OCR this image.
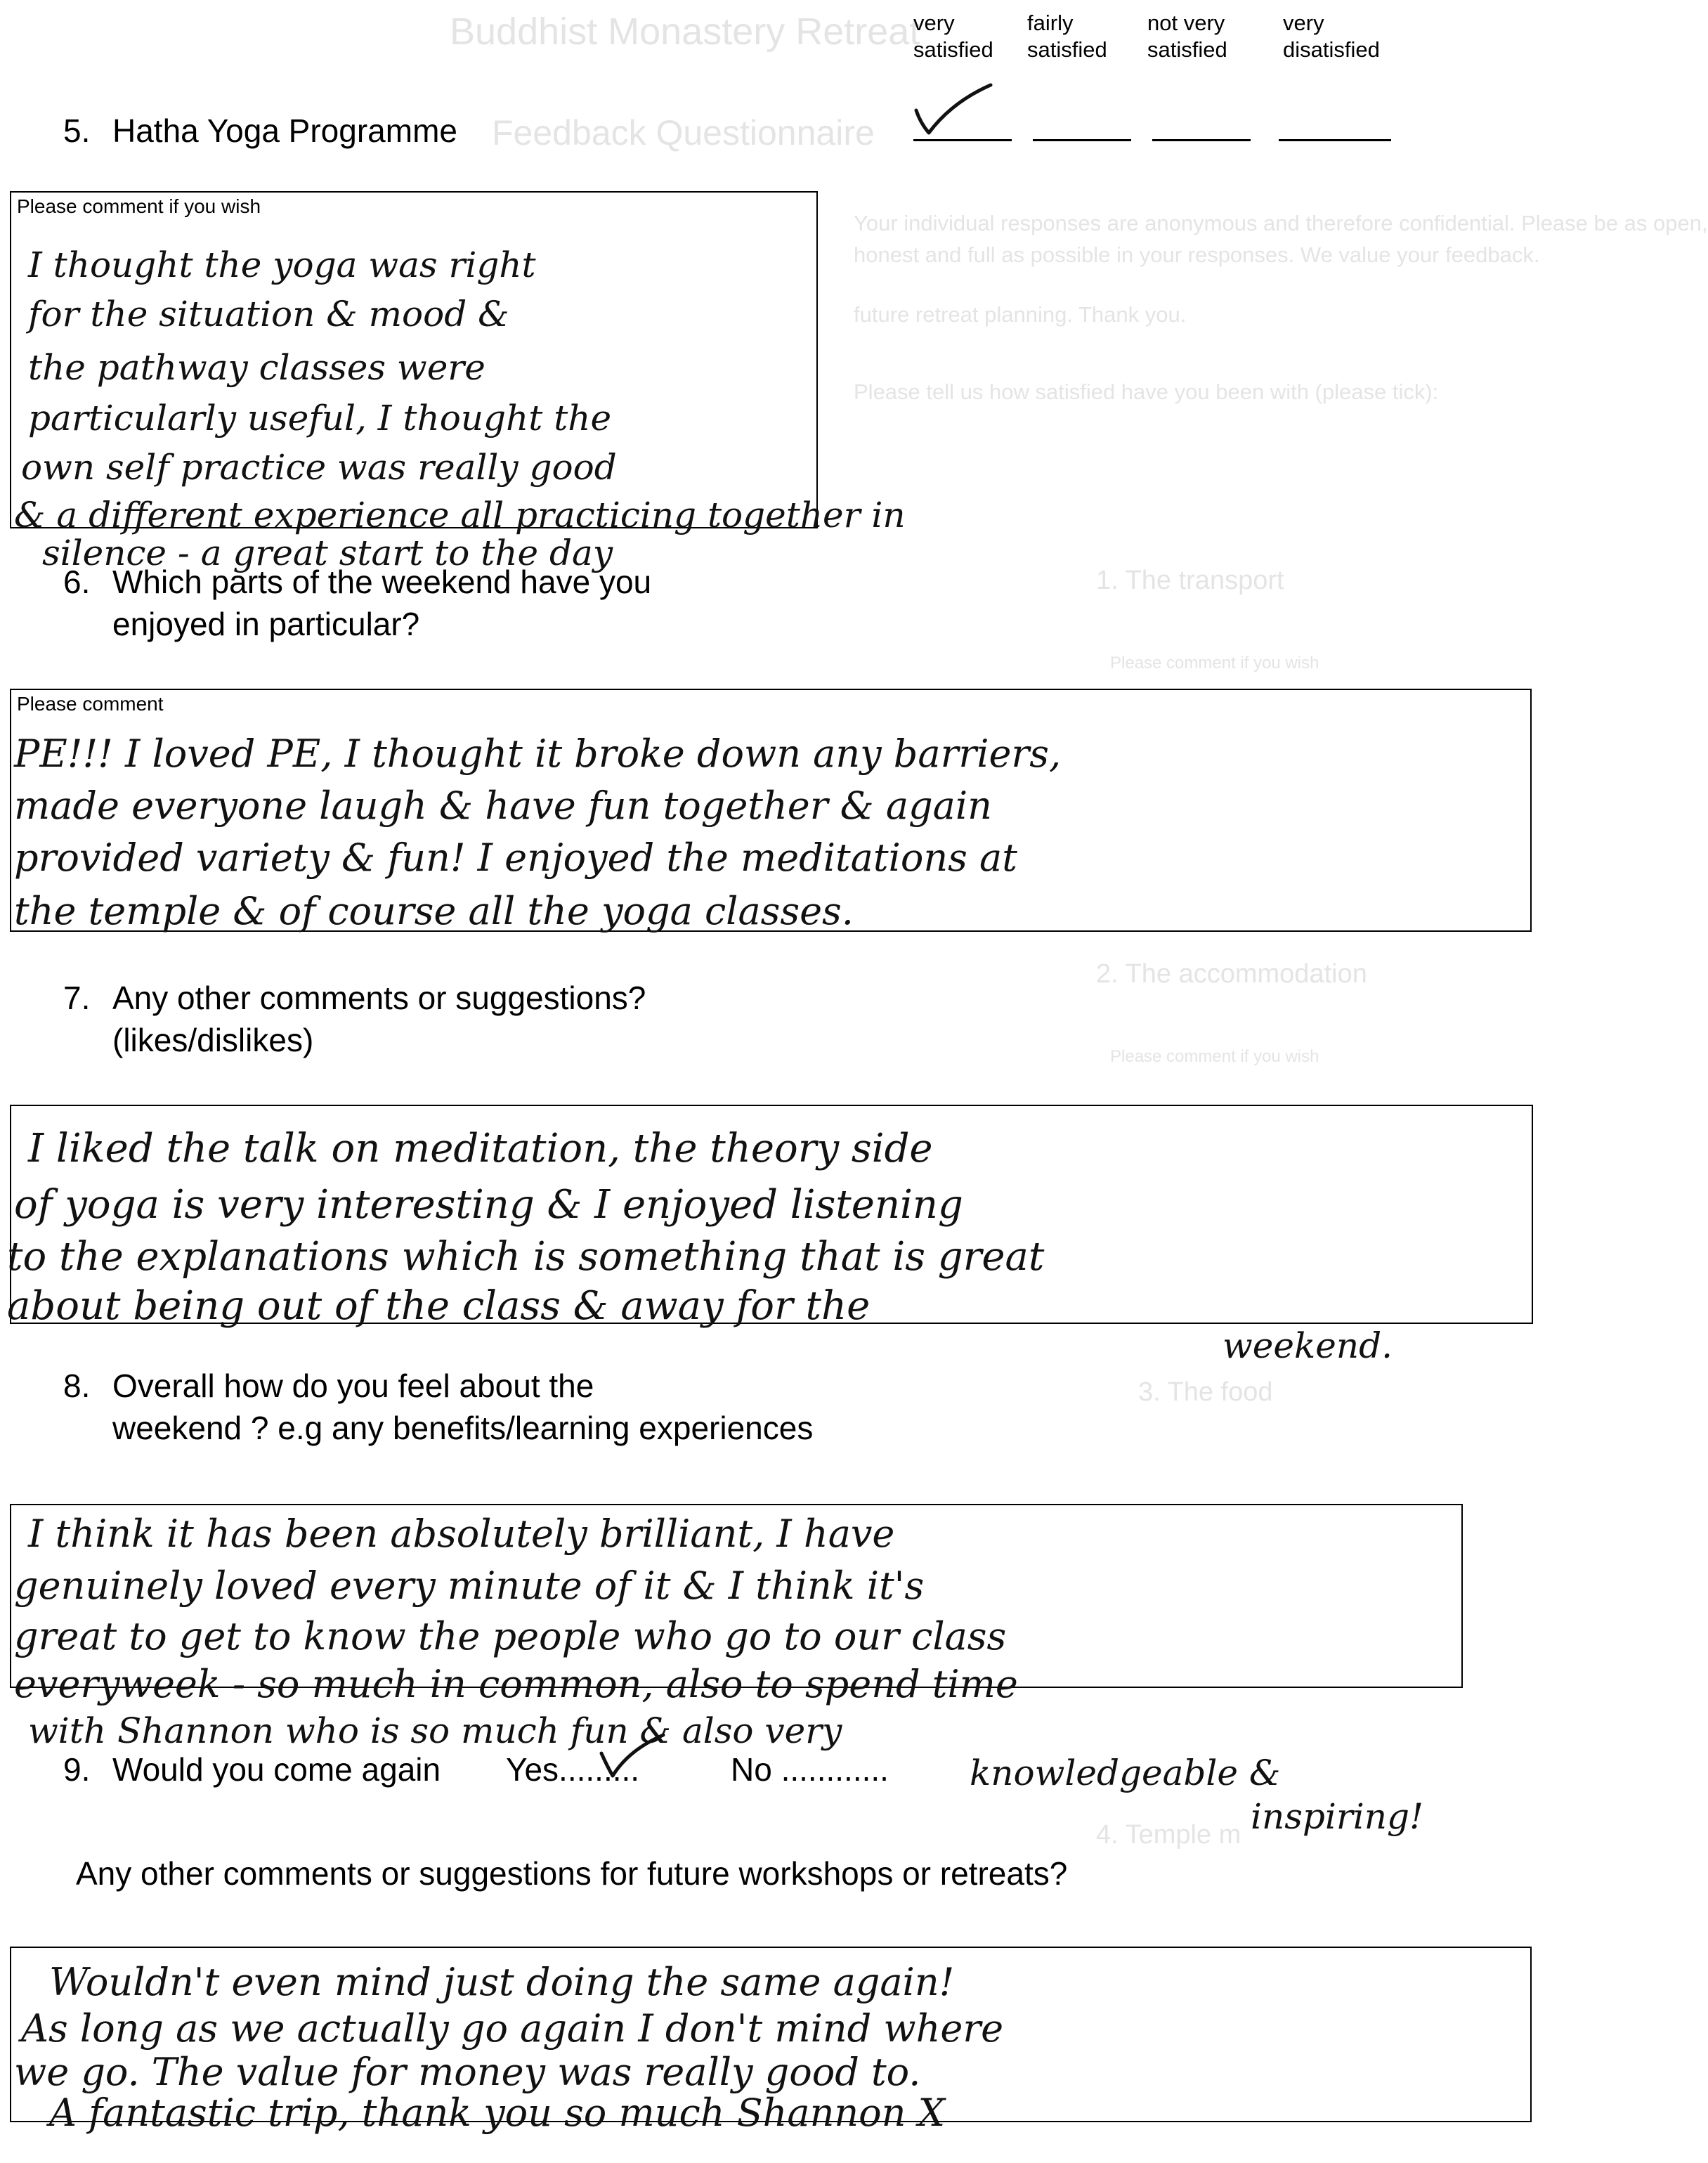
Buddhist Monastery Retreat
Feedback Questionnaire
Your individual responses are anonymous and therefore confidential. Please be as open,
honest and full as possible in your responses. We value your feedback.
future retreat planning. Thank you.
Please tell us how satisfied have you been with (please tick):
1. The transport
Please comment if you wish
2. The accommodation
Please comment if you wish
3. The food
4. Temple m
very
satisfied
fairly
satisfied
not very
satisfied
very
disatisfied
5. Hatha Yoga Programme
Please comment if you wish
I thought the yoga was right
for the situation & mood &
the pathway classes were
particularly useful, I thought the
own self practice was really good
& a different experience all practicing together in
silence - a great start to the day
6. Which parts of the weekend have you
enjoyed in particular?
Please comment
PE!!! I loved PE, I thought it broke down any barriers,
made everyone laugh & have fun together & again
provided variety & fun! I enjoyed the meditations at
the temple & of course all the yoga classes.
7. Any other comments or suggestions?
(likes/dislikes)
I liked the talk on meditation, the theory side
of yoga is very interesting & I enjoyed listening
to the explanations which is something that is great
about being out of the class & away for the
weekend.
8. Overall how do you feel about the
weekend ? e.g any benefits/learning experiences
I think it has been absolutely brilliant, I have
genuinely loved every minute of it & I think it's
great to get to know the people who go to our class
everyweek - so much in common, also to spend time
with Shannon who is so much fun & also very
knowledgeable &
inspiring!
9. Would you come again Yes.........	No ............
Any other comments or suggestions for future workshops or retreats?
Wouldn't even mind just doing the same again!
As long as we actually go again I don't mind where
we go. The value for money was really good to.
A fantastic trip, thank you so much Shannon X
